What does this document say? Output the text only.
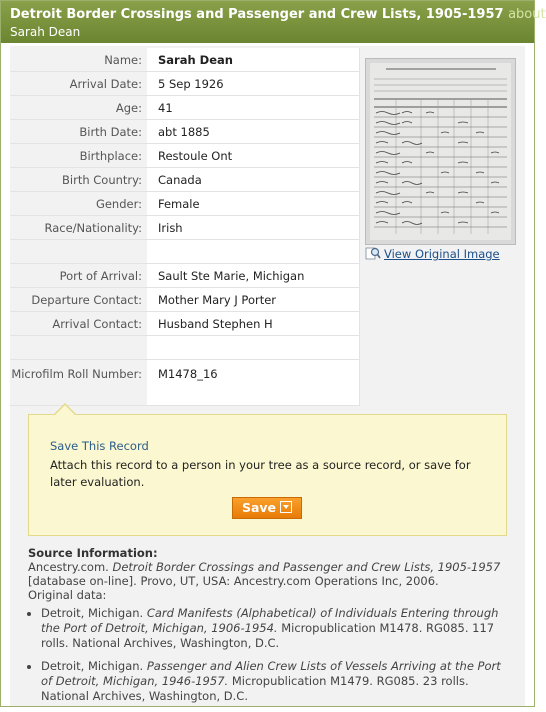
Detroit Border Crossings and Passenger and Crew Lists, 1905-1957 about
Sarah Dean
Name:	Sarah Dean
Arrival Date:	5 Sep 1926
Age:	41
Birth Date:	abt 1885
Birthplace:	Restoule Ont
Birth Country:	Canada
Gender:	Female
Race/Nationality:	Irish

Port of Arrival:	Sault Ste Marie, Michigan
Departure Contact:	Mother Mary J Porter
Arrival Contact:	Husband Stephen H

Microfilm Roll Number:	M1478_16
View Original Image
Save This Record
Attach this record to a person in your tree as a source record, or save for later evaluation.
Save
Source Information:
Ancestry.com. Detroit Border Crossings and Passenger and Crew Lists, 1905-1957 [database on-line]. Provo, UT, USA: Ancestry.com Operations Inc, 2006.
Original data:
• Detroit, Michigan. Card Manifests (Alphabetical) of Individuals Entering through the Port of Detroit, Michigan, 1906-1954. Micropublication M1478. RG085. 117 rolls. National Archives, Washington, D.C.
• Detroit, Michigan. Passenger and Alien Crew Lists of Vessels Arriving at the Port of Detroit, Michigan, 1946-1957. Micropublication M1479. RG085. 23 rolls. National Archives, Washington, D.C.
